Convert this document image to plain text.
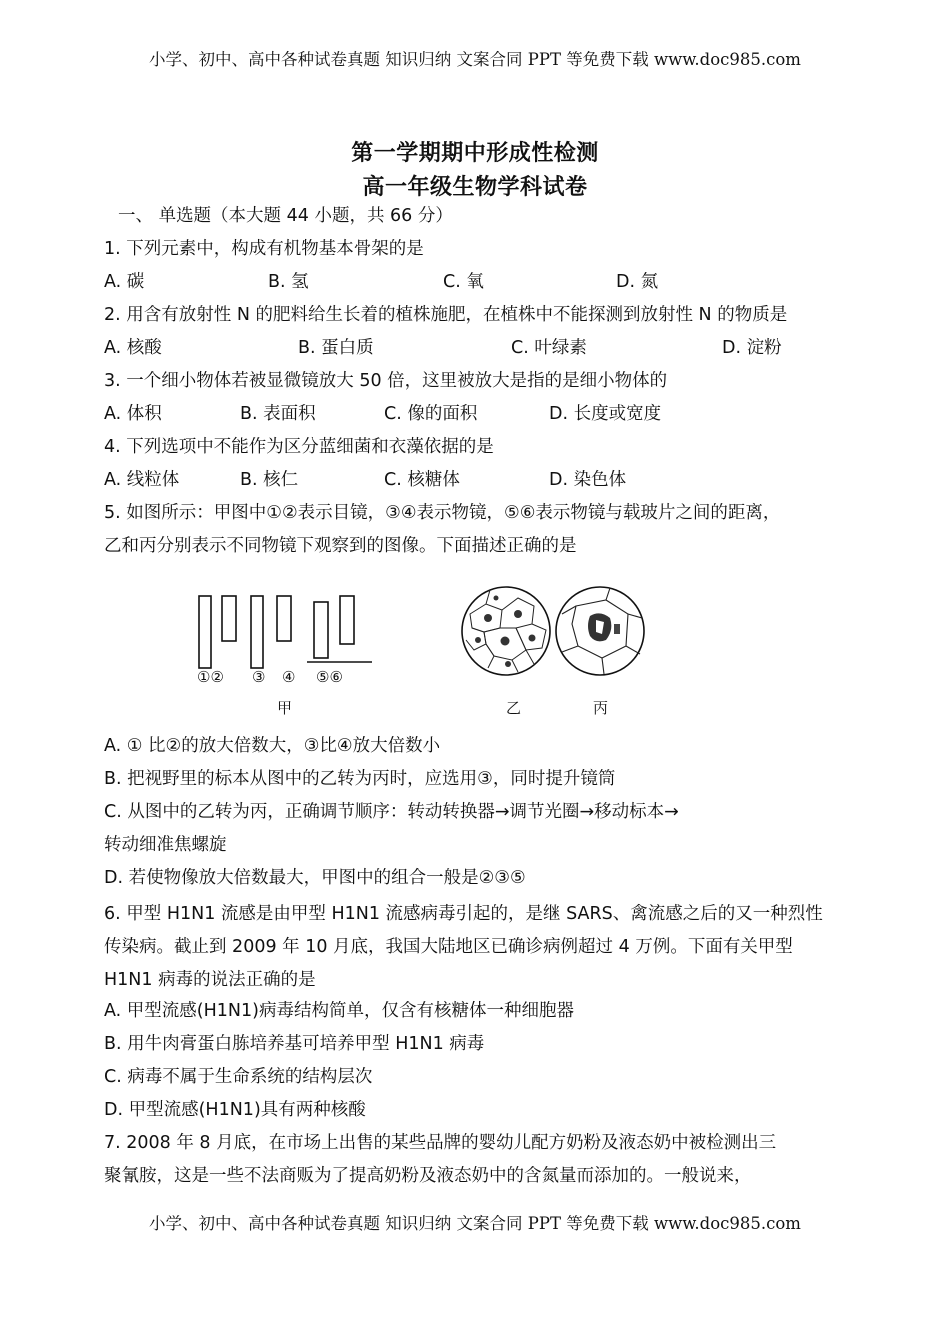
小学、初中、高中各种试卷真题 知识归纳 文案合同 PPT 等免费下载 www.doc985.com
第一学期期中形成性检测
高一年级生物学科试卷
一、 单选题（本大题 44 小题，共 66 分）
1. 下列元素中，构成有机物基本骨架的是
A. 碳	B. 氢	C. 氧	D. 氮
2. 用含有放射性 N 的肥料给生长着的植株施肥，在植株中不能探测到放射性 N 的物质是
A. 核酸	B. 蛋白质	C. 叶绿素	D. 淀粉
3. 一个细小物体若被显微镜放大 50 倍，这里被放大是指的是细小物体的
A. 体积	B. 表面积	C. 像的面积	D. 长度或宽度
4. 下列选项中不能作为区分蓝细菌和衣藻依据的是
A. 线粒体	B. 核仁	C. 核糖体	D. 染色体
5. 如图所示：甲图中①②表示目镜，③④表示物镜，⑤⑥表示物镜与载玻片之间的距离，
乙和丙分别表示不同物镜下观察到的图像。下面描述正确的是
①② ③ ④ ⑤⑥
甲	乙	丙
A. ① 比②的放大倍数大，③比④放大倍数小
B. 把视野里的标本从图中的乙转为丙时，应选用③，同时提升镜筒
C. 从图中的乙转为丙，正确调节顺序：转动转换器→调节光圈→移动标本→
转动细准焦螺旋
D. 若使物像放大倍数最大，甲图中的组合一般是②③⑤
6. 甲型 H1N1 流感是由甲型 H1N1 流感病毒引起的，是继 SARS、禽流感之后的又一种烈性
传染病。截止到 2009 年 10 月底，我国大陆地区已确诊病例超过 4 万例。下面有关甲型
H1N1 病毒的说法正确的是
A. 甲型流感(H1N1)病毒结构简单，仅含有核糖体一种细胞器
B. 用牛肉膏蛋白胨培养基可培养甲型 H1N1 病毒
C. 病毒不属于生命系统的结构层次
D. 甲型流感(H1N1)具有两种核酸
7. 2008 年 8 月底，在市场上出售的某些品牌的婴幼儿配方奶粉及液态奶中被检测出三
聚氰胺，这是一些不法商贩为了提高奶粉及液态奶中的含氮量而添加的。一般说来，
小学、初中、高中各种试卷真题 知识归纳 文案合同 PPT 等免费下载 www.doc985.com
